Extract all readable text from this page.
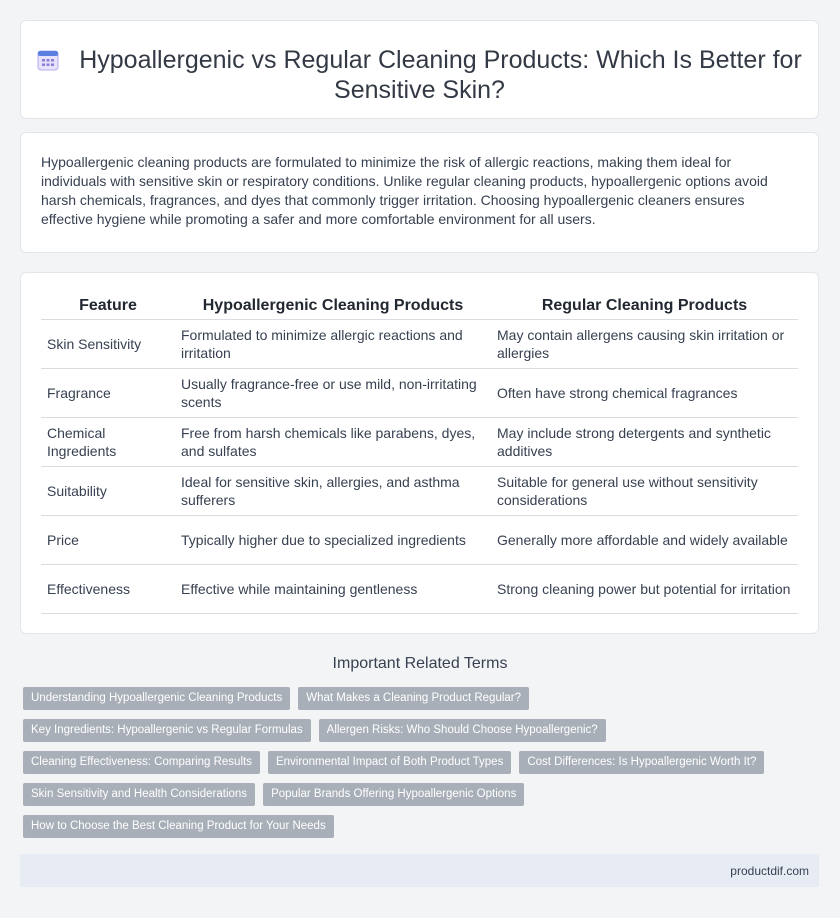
Hypoallergenic vs Regular Cleaning Products: Which Is Better for Sensitive Skin?

Hypoallergenic cleaning products are formulated to minimize the risk of allergic reactions, making them ideal for individuals with sensitive skin or respiratory conditions. Unlike regular cleaning products, hypoallergenic options avoid harsh chemicals, fragrances, and dyes that commonly trigger irritation. Choosing hypoallergenic cleaners ensures effective hygiene while promoting a safer and more comfortable environment for all users.

Feature	Hypoallergenic Cleaning Products	Regular Cleaning Products
Skin Sensitivity	Formulated to minimize allergic reactions and irritation	May contain allergens causing skin irritation or allergies
Fragrance	Usually fragrance-free or use mild, non-irritating scents	Often have strong chemical fragrances
Chemical Ingredients	Free from harsh chemicals like parabens, dyes, and sulfates	May include strong detergents and synthetic additives
Suitability	Ideal for sensitive skin, allergies, and asthma sufferers	Suitable for general use without sensitivity considerations
Price	Typically higher due to specialized ingredients	Generally more affordable and widely available
Effectiveness	Effective while maintaining gentleness	Strong cleaning power but potential for irritation
Important Related Terms
Understanding Hypoallergenic Cleaning Products	What Makes a Cleaning Product Regular?
Key Ingredients: Hypoallergenic vs Regular Formulas	Allergen Risks: Who Should Choose Hypoallergenic?
Cleaning Effectiveness: Comparing Results	Environmental Impact of Both Product Types	Cost Differences: Is Hypoallergenic Worth It?
Skin Sensitivity and Health Considerations	Popular Brands Offering Hypoallergenic Options
How to Choose the Best Cleaning Product for Your Needs
productdif.com
